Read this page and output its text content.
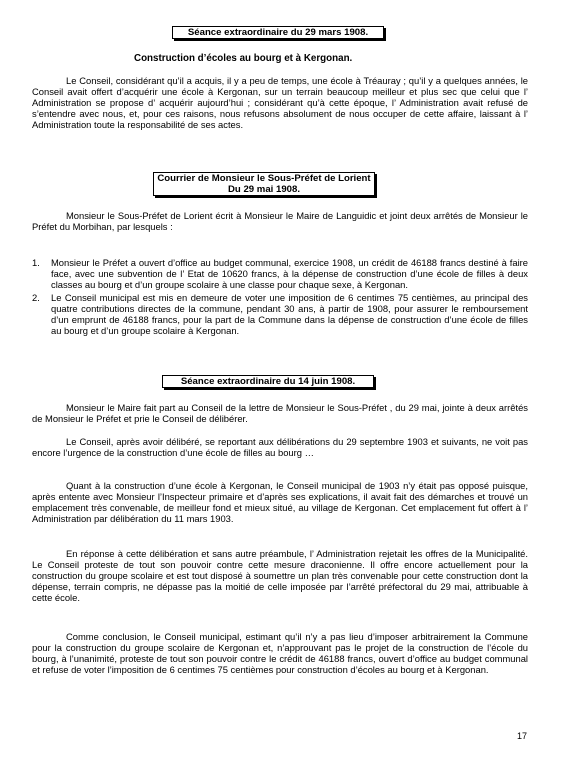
Séance extraordinaire du 29 mars 1908.
Construction d’écoles au bourg et à Kergonan.
Le Conseil, considérant qu’il a acquis, il y a peu de temps, une école à Tréauray ; qu’il y a quelques années, le Conseil avait offert d’acquérir une école à Kergonan, sur un terrain beaucoup meilleur et plus sec que celui que l’ Administration se propose d’ acquérir aujourd’hui ; considérant qu’à cette époque, l’ Administration avait refusé de s’entendre avec nous, et, pour ces raisons, nous refusons absolument de nous occuper de cette affaire, laissant à l’ Administration toute la responsabilité de ses actes.
Courrier de Monsieur le Sous-Préfet de Lorient
Du 29 mai 1908.
Monsieur le Sous-Préfet de Lorient écrit à Monsieur le Maire de Languidic et joint deux arrêtés de Monsieur le Préfet du Morbihan, par lesquels :
1. Monsieur le Préfet a ouvert d’office au budget communal, exercice 1908, un crédit de 46188 francs destiné à faire face, avec une subvention de l’ Etat de 10620 francs, à la dépense de construction d’une école de filles à deux classes au bourg et d’un groupe scolaire à une classe pour chaque sexe, à Kergonan.
2. Le Conseil municipal est mis en demeure de voter une imposition de 6 centimes 75 centièmes, au principal des quatre contributions directes de la commune, pendant 30 ans, à partir de 1908, pour assurer le remboursement d’un emprunt de 46188 francs, pour la part de la Commune dans la dépense de construction d’une école de filles au bourg et d’un groupe scolaire à Kergonan.
Séance extraordinaire du 14 juin 1908.
Monsieur le Maire fait part au Conseil de la lettre de Monsieur le Sous-Préfet , du 29 mai, jointe à deux arrêtés de Monsieur le Préfet et prie le Conseil de délibérer.
Le Conseil, après avoir délibéré, se reportant aux délibérations du 29 septembre 1903 et suivants, ne voit pas encore l’urgence de la construction d’une école de filles au bourg …
Quant à la construction d’une école à Kergonan, le Conseil municipal de 1903 n’y était pas opposé puisque, après entente avec Monsieur l’Inspecteur primaire et d’après ses explications, il avait fait des démarches et trouvé un emplacement très convenable, de meilleur fond et mieux situé, au village de Kergonan. Cet emplacement fut offert à l’ Administration par délibération du 11 mars 1903.
En réponse à cette délibération et sans autre préambule, l’ Administration rejetait les offres de la Municipalité. Le Conseil proteste de tout son pouvoir contre cette mesure draconienne. Il offre encore actuellement pour la construction du groupe scolaire et est tout disposé à soumettre un plan très convenable pour cette construction dont la dépense, terrain compris, ne dépasse pas la moitié de celle imposée par l’arrêté préfectoral du 29 mai, attribuable à cette école.
Comme conclusion, le Conseil municipal, estimant qu’il n’y a pas lieu d’imposer arbitrairement la Commune pour la construction du groupe scolaire de Kergonan et, n’approuvant pas le projet de la construction de l’école du bourg, à l’unanimité, proteste de tout son pouvoir contre le crédit de 46188 francs, ouvert d’office au budget communal et refuse de voter l’imposition de 6 centimes 75 centièmes pour construction d’écoles au bourg et à Kergonan.
17
